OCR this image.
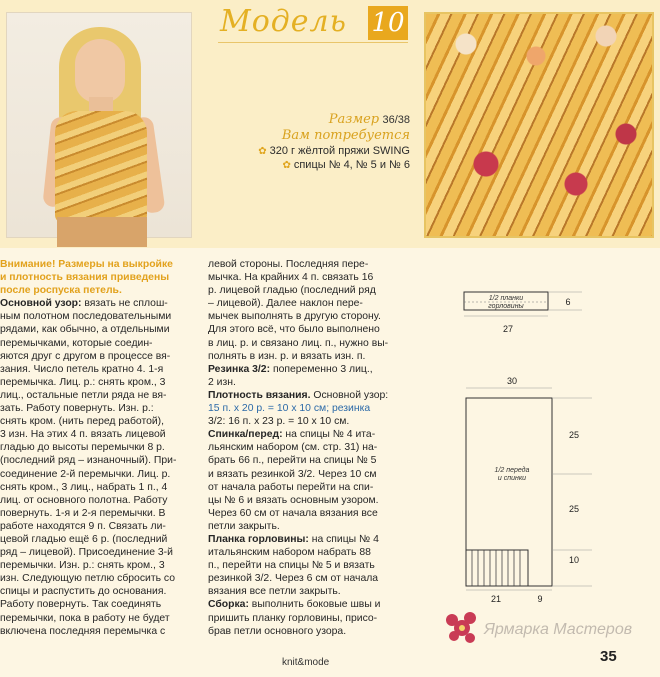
Модель 10
Размер 36/38
Вам потребуется
✿ 320 г жёлтой пряжи SWING
✿ спицы № 4, № 5 и № 6

Внимание! Размеры на выкройке

и плотность вязания приведены

после роспуска петель.

Основной узор: вязать не сплош-

ным полотном последовательными

рядами, как обычно, а отдельными

перемычками, которые соедин-

яются друг с другом в процессе вя-

зания. Число петель кратно 4. 1-я

перемычка. Лиц. р.: снять кром., 3

лиц., остальные петли ряда не вя-

зать. Работу повернуть. Изн. р.:

снять кром. (нить перед работой),

3 изн. На этих 4 п. вязать лицевой

гладью до высоты перемычки 8 р.

(последний ряд – изнаночный). При-

соединение 2-й перемычки. Лиц. р.

снять кром., 3 лиц., набрать 1 п., 4

лиц. от основного полотна. Работу

повернуть. 1-я и 2-я перемычки. В

работе находятся 9 п. Связать ли-

цевой гладью ещё 6 р. (последний

ряд – лицевой). Присоединение 3-й

перемычки. Изн. р.: снять кром., 3

изн. Следующую петлю сбросить со

спицы и распустить до основания.

Работу повернуть. Так соединять

перемычки, пока в работу не будет

включена последняя перемычка с

левой стороны. Последняя пере-

мычка. На крайних 4 п. связать 16

р. лицевой гладью (последний ряд

– лицевой). Далее наклон пере-

мычек выполнять в другую сторону.

Для этого всё, что было выполнено

в лиц. р. и связано лиц. п., нужно вы-

полнять в изн. р. и вязать изн. п.

Резинка 3/2: попеременно 3 лиц.,

2 изн.

Плотность вязания. Основной узор:

15 п. х 20 р. = 10 х 10 см; резинка

3/2: 16 п. х 23 р. = 10 х 10 см.

Спинка/перед: на спицы № 4 ита-

льянским набором (см. стр. 31) на-

брать 66 п., перейти на спицы № 5

и вязать резинкой 3/2. Через 10 см

от начала работы перейти на спи-

цы № 6 и вязать основным узором.

Через 60 см от начала вязания все

петли закрыть.

Планка горловины: на спицы № 4

итальянским набором набрать 88

п., перейти на спицы № 5 и вязать

резинкой 3/2. Через 6 см от начала

вязания все петли закрыть.

Сборка: выполнить боковые швы и

пришить планку горловины, присо-

брав петли основного узора.

1/2 планки
горловины	6
27
30
1/2 переда
и спинки
25
25
10
21	9
knit&mode
Ярмарка Мастеров
35
